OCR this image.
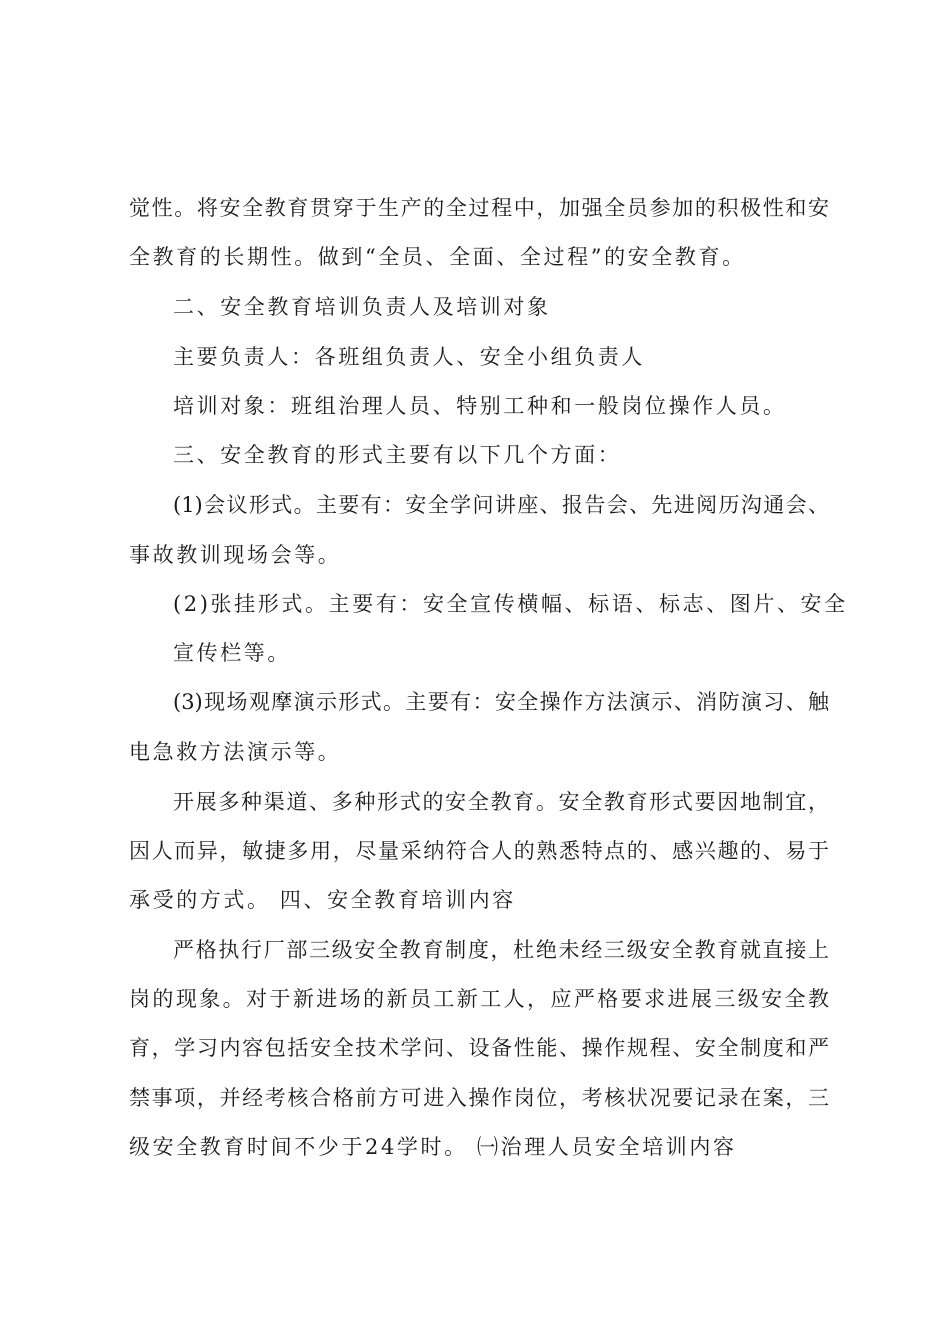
觉性。将安全教育贯穿于生产的全过程中，加强全员参加的积极性和安
全教育的长期性。做到“全员、全面、全过程”的安全教育。
二、安全教育培训负责人及培训对象
主要负责人：各班组负责人、安全小组负责人
培训对象：班组治理人员、特别工种和一般岗位操作人员。
三、安全教育的形式主要有以下几个方面：
(1)会议形式。主要有：安全学问讲座、报告会、先进阅历沟通会、
事故教训现场会等。
(2)张挂形式。主要有：安全宣传横幅、标语、标志、图片、安全
宣传栏等。
(3)现场观摩演示形式。主要有：安全操作方法演示、消防演习、触
电急救方法演示等。
开展多种渠道、多种形式的安全教育。安全教育形式要因地制宜，
因人而异，敏捷多用，尽量采纳符合人的熟悉特点的、感兴趣的、易于
承受的方式。 四、安全教育培训内容
严格执行厂部三级安全教育制度，杜绝未经三级安全教育就直接上
岗的现象。对于新进场的新员工新工人，应严格要求进展三级安全教
育，学习内容包括安全技术学问、设备性能、操作规程、安全制度和严
禁事项，并经考核合格前方可进入操作岗位，考核状况要记录在案，三
级安全教育时间不少于24学时。 ㈠治理人员安全培训内容
